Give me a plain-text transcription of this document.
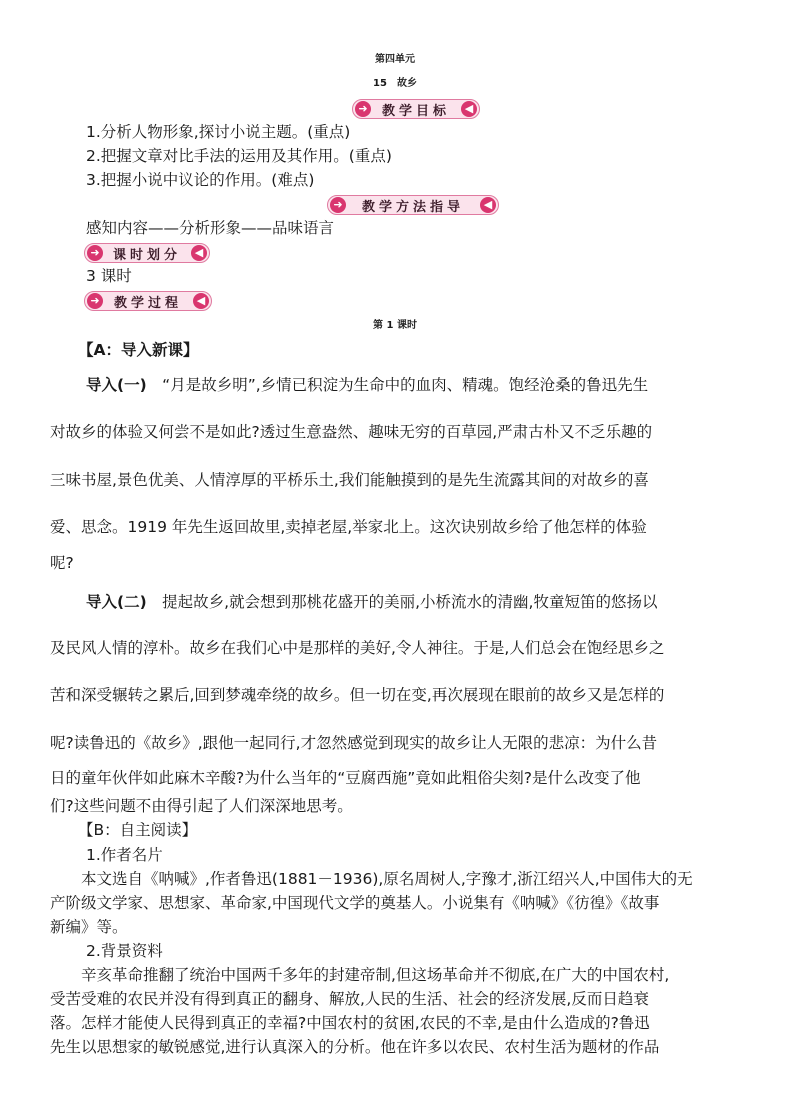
第四单元
15　故乡
➜	教学目标	◀
1.分析人物形象,探讨小说主题。(重点)
2.把握文章对比手法的运用及其作用。(重点)
3.把握小说中议论的作用。(难点)
➜	教学方法指导	◀
感知内容——分析形象——品味语言
➜	课时划分	◀
3 课时
➜	教学过程	◀
第 1 课时
【A：导入新课】
导入(一)　“月是故乡明”,乡情已积淀为生命中的血肉、精魂。饱经沧桑的鲁迅先生
对故乡的体验又何尝不是如此?透过生意盎然、趣味无穷的百草园,严肃古朴又不乏乐趣的
三味书屋,景色优美、人情淳厚的平桥乐土,我们能触摸到的是先生流露其间的对故乡的喜
爱、思念。1919 年先生返回故里,卖掉老屋,举家北上。这次诀别故乡给了他怎样的体验
呢?
导入(二)　提起故乡,就会想到那桃花盛开的美丽,小桥流水的清幽,牧童短笛的悠扬以
及民风人情的淳朴。故乡在我们心中是那样的美好,令人神往。于是,人们总会在饱经思乡之
苦和深受辗转之累后,回到梦魂牵绕的故乡。但一切在变,再次展现在眼前的故乡又是怎样的
呢?读鲁迅的《故乡》,跟他一起同行,才忽然感觉到现实的故乡让人无限的悲凉：为什么昔
日的童年伙伴如此麻木辛酸?为什么当年的“豆腐西施”竟如此粗俗尖刻?是什么改变了他
们?这些问题不由得引起了人们深深地思考。
【B：自主阅读】
1.作者名片
　　本文选自《呐喊》,作者鲁迅(1881－1936),原名周树人,字豫才,浙江绍兴人,中国伟大的无
产阶级文学家、思想家、革命家,中国现代文学的奠基人。小说集有《呐喊》《彷徨》《故事
新编》等。
2.背景资料
　　辛亥革命推翻了统治中国两千多年的封建帝制,但这场革命并不彻底,在广大的中国农村,
受苦受难的农民并没有得到真正的翻身、解放,人民的生活、社会的经济发展,反而日趋衰
落。怎样才能使人民得到真正的幸福?中国农村的贫困,农民的不幸,是由什么造成的?鲁迅
先生以思想家的敏锐感觉,进行认真深入的分析。他在许多以农民、农村生活为题材的作品
